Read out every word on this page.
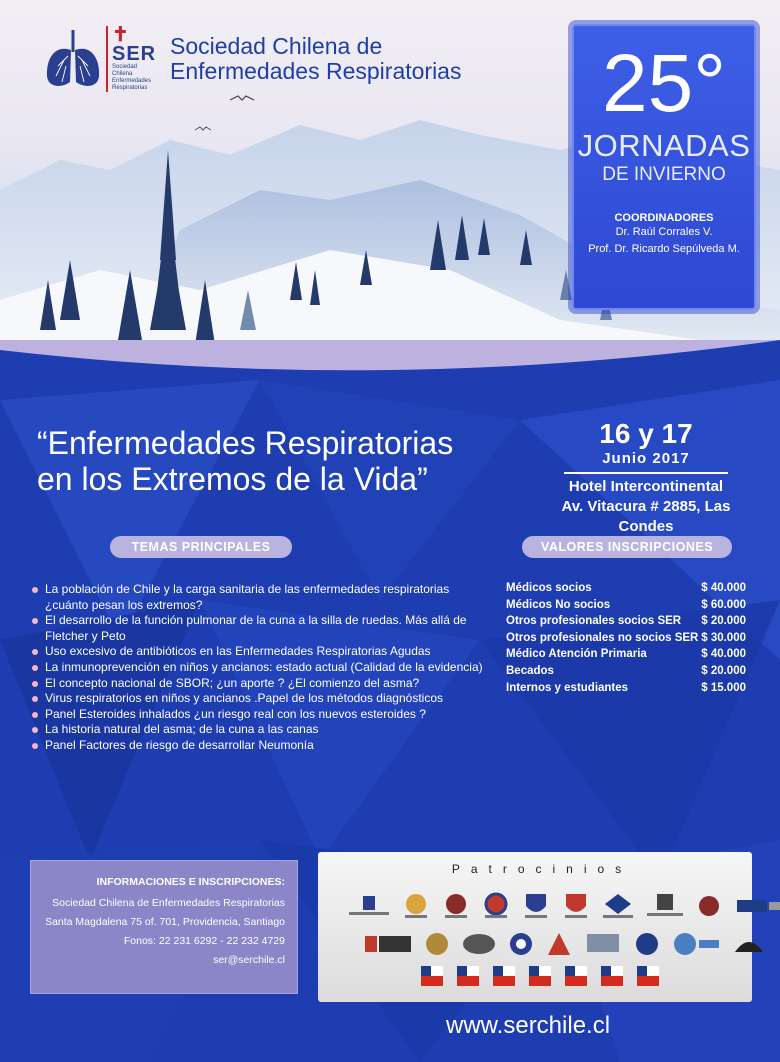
✝
SER
Sociedad Chilena
Enfermedades
Respiratorias
Sociedad Chilena de
Enfermedades Respiratorias	25°
JORNADAS
DE INVIERNO
COORDINADORES
Dr. Raúl Corrales V.
Prof. Dr. Ricardo Sepúlveda M.
“Enfermedades Respiratorias
en los Extremos de la Vida”
16 y 17
Junio 2017
Hotel Intercontinental
Av. Vitacura # 2885, Las Condes
TEMAS PRINCIPALES	VALORES INSCRIPCIONES
La población de Chile y la carga sanitaria de las enfermedades respiratorias ¿cuánto pesan los extremos?
El desarrollo de la función pulmonar de la cuna a la silla de ruedas. Más allá de Fletcher y Peto
Uso excesivo de antibióticos en las Enfermedades Respiratorias Agudas
La inmunoprevención en niños y ancianos: estado actual (Calidad de la evidencia)
El concepto nacional de SBOR; ¿un aporte ? ¿El comienzo del asma?
Virus respiratorios en niños y ancianos .Papel de los métodos diagnósticos
Panel Esteroides inhalados ¿un riesgo real con los nuevos esteroides ?
La historia natural del asma; de la cuna a las canas
Panel Factores de riesgo de desarrollar Neumonía
Médicos socios	$ 40.000
Médicos No socios	$ 60.000
Otros profesionales socios SER $ 20.000
Otros profesionales no socios SER $ 30.000
Médico Atención Primaria	$ 40.000
Becados	$ 20.000
Internos y estudiantes	$ 15.000
INFORMACIONES E INSCRIPCIONES:
Sociedad Chilena de Enfermedades Respiratorias
Santa Magdalena 75 of. 701, Providencia, Santiago
Fonos: 22 231 6292 - 22 232 4729
ser@serchile.cl
Patrocinios
www.serchile.cl
